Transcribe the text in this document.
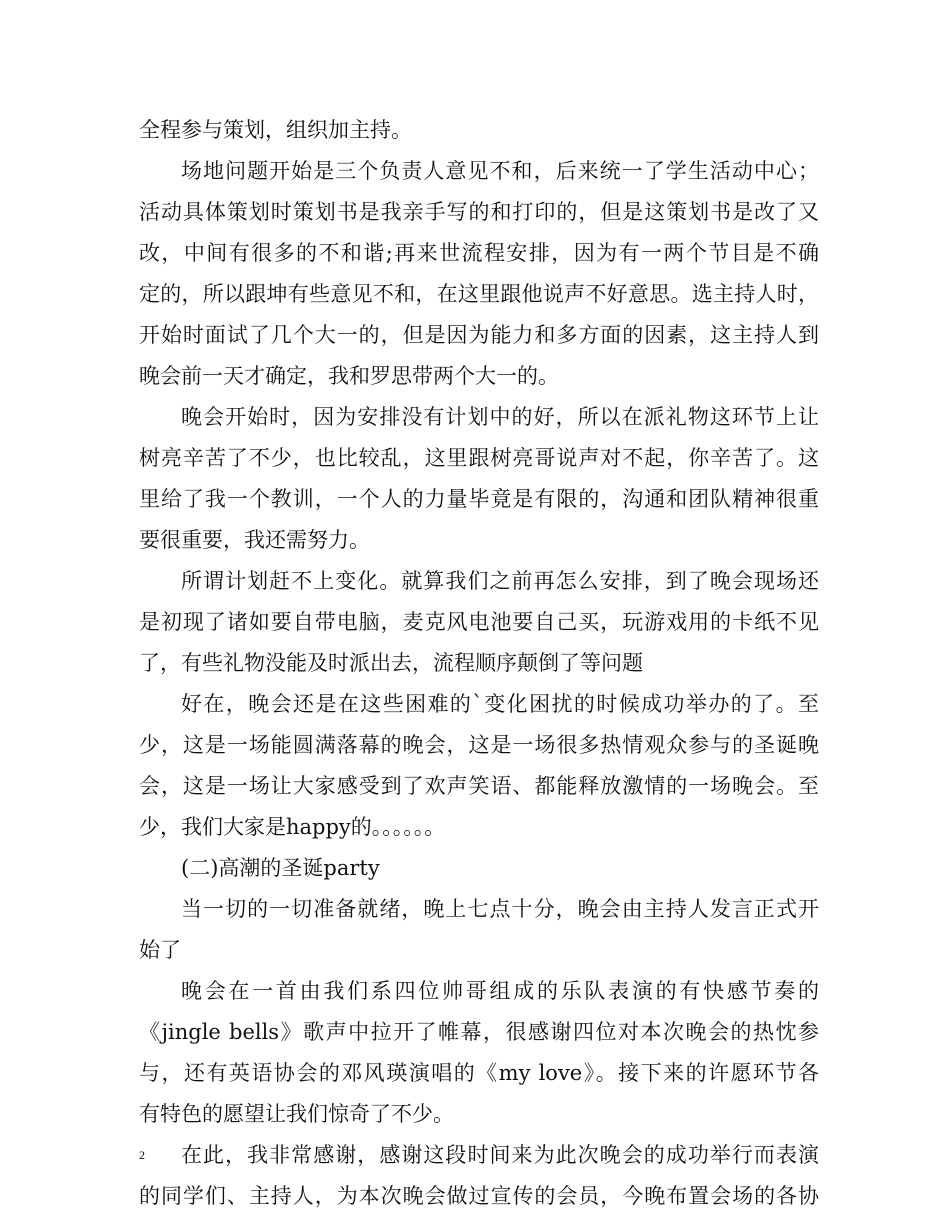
全程参与策划，组织加主持。
场地问题开始是三个负责人意见不和，后来统一了学生活动中心；
活动具体策划时策划书是我亲手写的和打印的，但是这策划书是改了又
改，中间有很多的不和谐;再来世流程安排，因为有一两个节目是不确
定的，所以跟坤有些意见不和，在这里跟他说声不好意思。选主持人时，
开始时面试了几个大一的，但是因为能力和多方面的因素，这主持人到
晚会前一天才确定，我和罗思带两个大一的。
晚会开始时，因为安排没有计划中的好，所以在派礼物这环节上让
树亮辛苦了不少，也比较乱，这里跟树亮哥说声对不起，你辛苦了。这
里给了我一个教训，一个人的力量毕竟是有限的，沟通和团队精神很重
要很重要，我还需努力。
所谓计划赶不上变化。就算我们之前再怎么安排，到了晚会现场还
是初现了诸如要自带电脑，麦克风电池要自己买，玩游戏用的卡纸不见
了，有些礼物没能及时派出去，流程顺序颠倒了等问题
好在，晚会还是在这些困难的`变化困扰的时候成功举办的了。至
少，这是一场能圆满落幕的晚会，这是一场很多热情观众参与的圣诞晚
会，这是一场让大家感受到了欢声笑语、都能释放激情的一场晚会。至
少，我们大家是happy的。。。。。。
(二)高潮的圣诞party
当一切的一切准备就绪，晚上七点十分，晚会由主持人发言正式开
始了
晚会在一首由我们系四位帅哥组成的乐队表演的有快感节奏的
《jingle bells》歌声中拉开了帷幕，很感谢四位对本次晚会的热忱参
与，还有英语协会的邓风瑛演唱的《my love》。接下来的许愿环节各
有特色的愿望让我们惊奇了不少。
在此，我非常感谢，感谢这段时间来为此次晚会的成功举行而表演
的同学们、主持人，为本次晚会做过宣传的会员，今晚布置会场的各协
2
